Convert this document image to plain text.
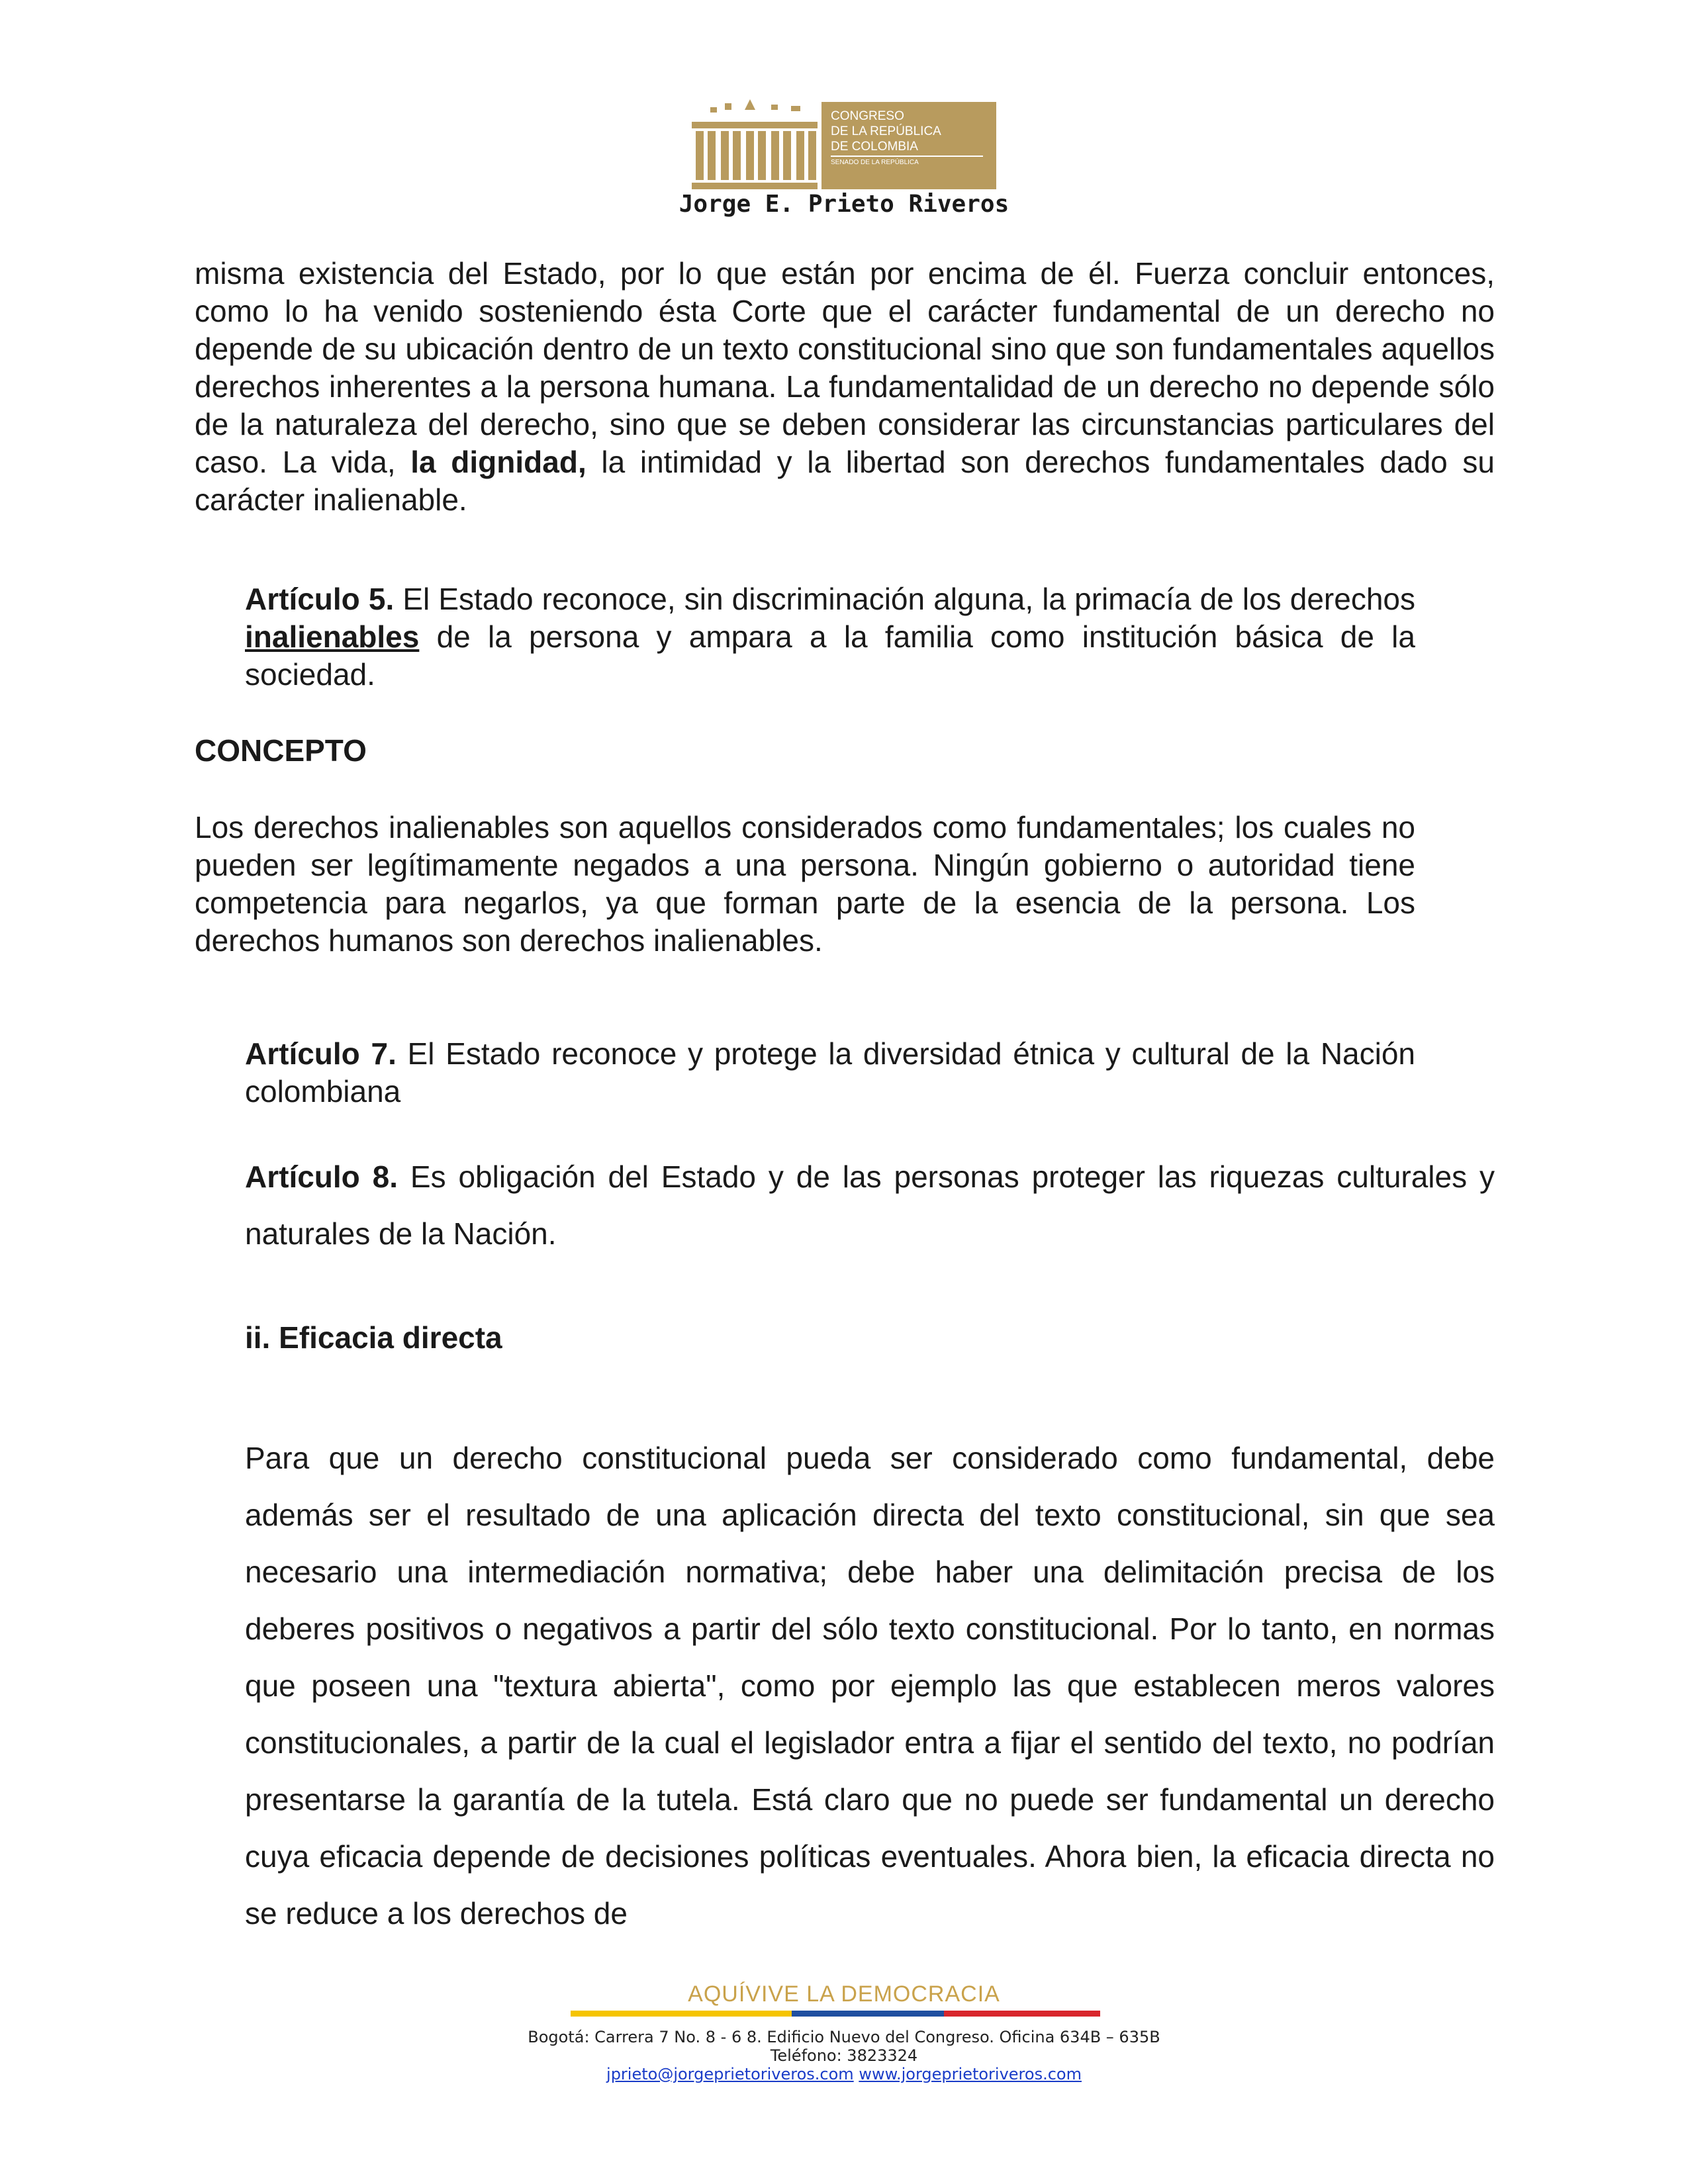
CONGRESO
DE LA REPÚBLICA
DE COLOMBIA
SENADO DE LA REPÚBLICA
Jorge E. Prieto Riveros

misma existencia del Estado, por lo que están por encima de él. Fuerza concluir entonces, como lo ha venido sosteniendo ésta Corte que el carácter fundamental de un derecho no depende de su ubicación dentro de un texto constitucional sino que son fundamentales aquellos derechos inherentes a la persona humana. La fundamentalidad de un derecho no depende sólo de la naturaleza del derecho, sino que se deben considerar las circunstancias particulares del caso. La vida, la dignidad, la intimidad y la libertad son derechos fundamentales dado su carácter inalienable.

Artículo 5. El Estado reconoce, sin discriminación alguna, la primacía de los derechos inalienables de la persona y ampara a la familia como institución básica de la sociedad.

CONCEPTO

Los derechos inalienables son aquellos considerados como fundamentales; los cuales no pueden ser legítimamente negados a una persona. Ningún gobierno o autoridad tiene competencia para negarlos, ya que forman parte de la esencia de la persona. Los derechos humanos son derechos inalienables.

Artículo 7. El Estado reconoce y protege la diversidad étnica y cultural de la Nación colombiana

Artículo 8. Es obligación del Estado y de las personas proteger las riquezas culturales y naturales de la Nación.

ii. Eficacia directa

Para que un derecho constitucional pueda ser considerado como fundamental, debe además ser el resultado de una aplicación directa del texto constitucional, sin que sea necesario una intermediación normativa; debe haber una delimitación precisa de los deberes positivos o negativos a partir del sólo texto constitucional. Por lo tanto, en normas que poseen una "textura abierta", como por ejemplo las que establecen meros valores constitucionales, a partir de la cual el legislador entra a fijar el sentido del texto, no podrían presentarse la garantía de la tutela. Está claro que no puede ser fundamental un derecho cuya eficacia depende de decisiones políticas eventuales. Ahora bien, la eficacia directa no se reduce a los derechos de

AQUÍVIVE LA DEMOCRACIA
Bogotá: Carrera 7 No. 8 - 6 8. Edificio Nuevo del Congreso. Oficina 634B – 635B
Teléfono: 3823324
jprieto@jorgeprietoriveros.com www.jorgeprietoriveros.com
